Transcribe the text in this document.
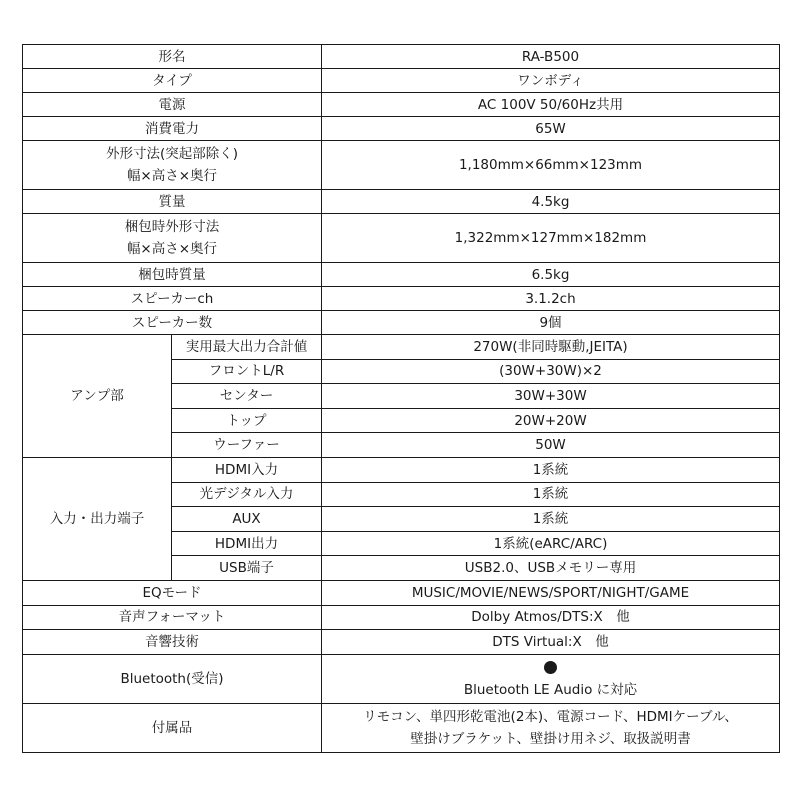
形名		RA-B500
タイプ		ワンボディ
電源		AC 100V 50/60Hz共用
消費電力		65W

外形寸法(突起部除く)
幅×高さ×奥行		1,180mm×66mm×123mm
質量		4.5kg

梱包時外形寸法
幅×高さ×奥行		1,322mm×127mm×182mm
梱包時質量		6.5kg
スピーカーch		3.1.2ch
スピーカー数		9個
アンプ部	実用最大出力合計値	270W(非同時駆動,JEITA)
	フロントL/R	(30W+30W)×2
	センター	30W+30W
	トップ	20W+20W
	ウーファー	50W
入力・出力端子	HDMI入力	1系統
	光デジタル入力	1系統
	AUX	1系統
	HDMI出力	1系統(eARC/ARC)
	USB端子	USB2.0、USBメモリー専用
EQモード		MUSIC/MOVIE/NEWS/SPORT/NIGHT/GAME
音声フォーマット		Dolby Atmos/DTS:X　他
音響技術		DTS Virtual:X　他
Bluetooth(受信)		Bluetooth LE Audio に対応

付属品		リモコン、単四形乾電池(2本)、電源コード、HDMIケーブル、
壁掛けブラケット、壁掛け用ネジ、取扱説明書
